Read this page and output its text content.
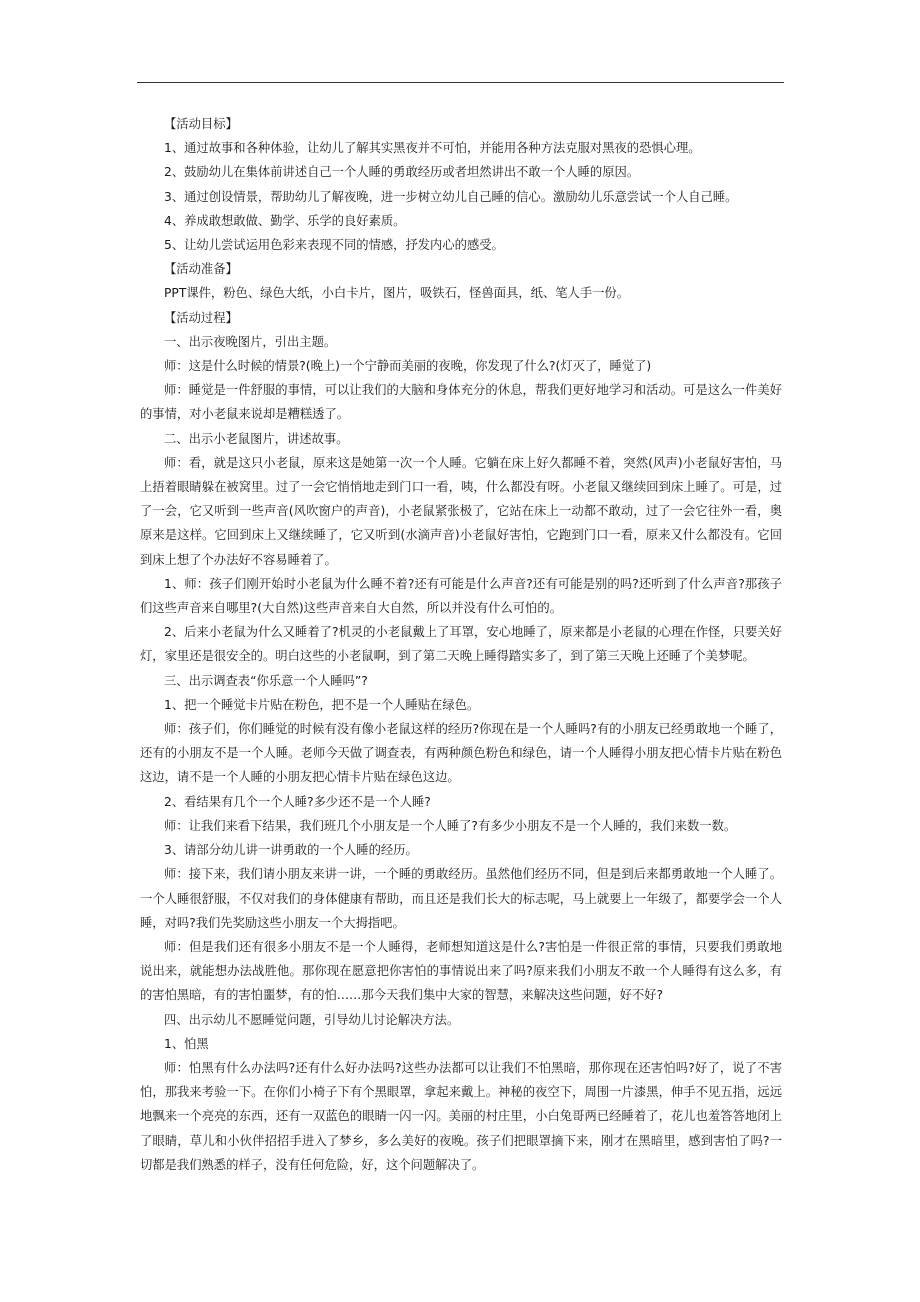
【活动目标】

1、通过故事和各种体验，让幼儿了解其实黑夜并不可怕，并能用各种方法克服对黑夜的恐惧心理。

2、鼓励幼儿在集体前讲述自己一个人睡的勇敢经历或者坦然讲出不敢一个人睡的原因。

3、通过创设情景，帮助幼儿了解夜晚，进一步树立幼儿自己睡的信心。激励幼儿乐意尝试一个人自己睡。

4、养成敢想敢做、勤学、乐学的良好素质。

5、让幼儿尝试运用色彩来表现不同的情感，抒发内心的感受。

【活动准备】

PPT课件，粉色、绿色大纸，小白卡片，图片，吸铁石，怪兽面具，纸、笔人手一份。

【活动过程】

一、出示夜晚图片，引出主题。

师：这是什么时候的情景?(晚上)一个宁静而美丽的夜晚，你发现了什么?(灯灭了，睡觉了)

师：睡觉是一件舒服的事情，可以让我们的大脑和身体充分的休息，帮我们更好地学习和活动。可是这么一件美好的事情，对小老鼠来说却是糟糕透了。

二、出示小老鼠图片，讲述故事。

师：看，就是这只小老鼠，原来这是她第一次一个人睡。它躺在床上好久都睡不着，突然(风声)小老鼠好害怕，马上捂着眼睛躲在被窝里。过了一会它悄悄地走到门口一看，咦，什么都没有呀。小老鼠又继续回到床上睡了。可是，过了一会，它又听到一些声音(风吹窗户的声音)，小老鼠紧张极了，它站在床上一动都不敢动，过了一会它往外一看，奥原来是这样。它回到床上又继续睡了，它又听到(水滴声音)小老鼠好害怕，它跑到门口一看，原来又什么都没有。它回到床上想了个办法好不容易睡着了。

1、师：孩子们刚开始时小老鼠为什么睡不着?还有可能是什么声音?还有可能是别的吗?还听到了什么声音?那孩子们这些声音来自哪里?(大自然)这些声音来自大自然，所以并没有什么可怕的。

2、后来小老鼠为什么又睡着了?机灵的小老鼠戴上了耳罩，安心地睡了，原来都是小老鼠的心理在作怪，只要关好灯，家里还是很安全的。明白这些的小老鼠啊，到了第二天晚上睡得踏实多了，到了第三天晚上还睡了个美梦呢。

三、出示调查表“你乐意一个人睡吗”?

1、把一个睡觉卡片贴在粉色，把不是一个人睡贴在绿色。

师：孩子们，你们睡觉的时候有没有像小老鼠这样的经历?你现在是一个人睡吗?有的小朋友已经勇敢地一个睡了，还有的小朋友不是一个人睡。老师今天做了调查表，有两种颜色粉色和绿色，请一个人睡得小朋友把心情卡片贴在粉色这边，请不是一个人睡的小朋友把心情卡片贴在绿色这边。

2、看结果有几个一个人睡?多少还不是一个人睡?

师：让我们来看下结果，我们班几个小朋友是一个人睡了?有多少小朋友不是一个人睡的，我们来数一数。

3、请部分幼儿讲一讲勇敢的一个人睡的经历。

师：接下来，我们请小朋友来讲一讲，一个睡的勇敢经历。虽然他们经历不同，但是到后来都勇敢地一个人睡了。一个人睡很舒服，不仅对我们的身体健康有帮助，而且还是我们长大的标志呢，马上就要上一年级了，都要学会一个人睡，对吗?我们先奖励这些小朋友一个大拇指吧。

师：但是我们还有很多小朋友不是一个人睡得，老师想知道这是什么?害怕是一件很正常的事情，只要我们勇敢地说出来，就能想办法战胜他。那你现在愿意把你害怕的事情说出来了吗?原来我们小朋友不敢一个人睡得有这么多，有的害怕黑暗，有的害怕噩梦，有的怕……那今天我们集中大家的智慧，来解决这些问题，好不好?

四、出示幼儿不愿睡觉问题，引导幼儿讨论解决方法。

1、怕黑

师：怕黑有什么办法吗?还有什么好办法吗?这些办法都可以让我们不怕黑暗，那你现在还害怕吗?好了，说了不害怕，那我来考验一下。在你们小椅子下有个黑眼罩，拿起来戴上。神秘的夜空下，周围一片漆黑，伸手不见五指，远远地飘来一个亮亮的东西，还有一双蓝色的眼睛一闪一闪。美丽的村庄里，小白兔哥两已经睡着了，花儿也羞答答地闭上了眼睛，草儿和小伙伴招招手进入了梦乡，多么美好的夜晚。孩子们把眼罩摘下来，刚才在黑暗里，感到害怕了吗?一切都是我们熟悉的样子，没有任何危险，好，这个问题解决了。
